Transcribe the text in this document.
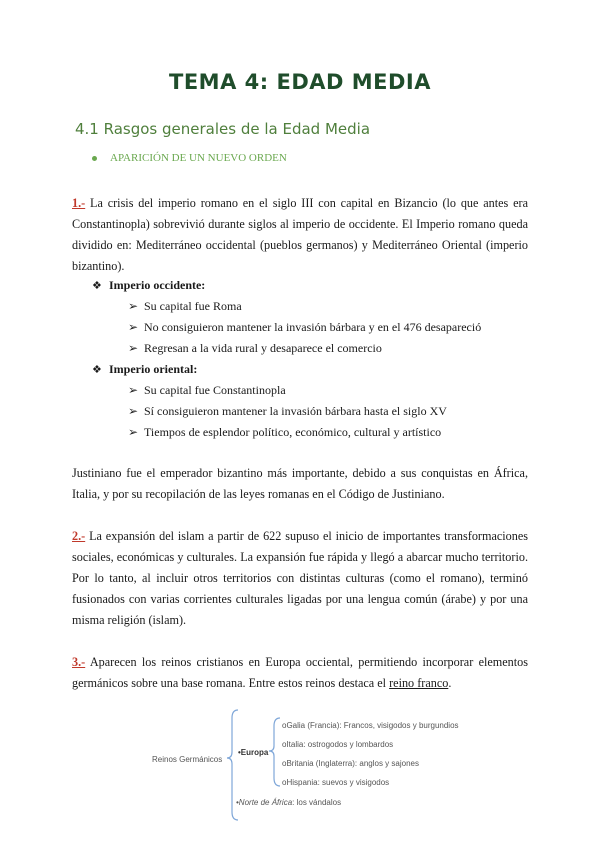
TEMA 4: EDAD MEDIA
4.1 Rasgos generales de la Edad Media
APARICIÓN DE UN NUEVO ORDEN
1.- La crisis del imperio romano en el siglo III con capital en Bizancio (lo que antes era Constantinopla) sobrevivió durante siglos al imperio de occidente. El Imperio romano queda dividido en: Mediterráneo occidental (pueblos germanos) y Mediterráneo Oriental (imperio bizantino).
❖ Imperio occidente:
➢ Su capital fue Roma
➢ No consiguieron mantener la invasión bárbara y en el 476 desapareció
➢ Regresan a la vida rural y desaparece el comercio
❖ Imperio oriental:
➢ Su capital fue Constantinopla
➢ Sí consiguieron mantener la invasión bárbara hasta el siglo XV
➢ Tiempos de esplendor político, económico, cultural y artístico
Justiniano fue el emperador bizantino más importante, debido a sus conquistas en África, Italia, y por su recopilación de las leyes romanas en el Código de Justiniano.
2.- La expansión del islam a partir de 622 supuso el inicio de importantes transformaciones sociales, económicas y culturales. La expansión fue rápida y llegó a abarcar mucho territorio. Por lo tanto, al incluir otros territorios con distintas culturas (como el romano), terminó fusionados con varias corrientes culturales ligadas por una lengua común (árabe) y por una misma religión (islam).
3.- Aparecen los reinos cristianos en Europa occiental, permitiendo incorporar elementos germánicos sobre una base romana. Entre estos reinos destaca el reino franco.
Reinos Germánicos
•Europa
oGalia (Francia): Francos, visigodos y burgundios
oItalia: ostrogodos y lombardos
oBritania (Inglaterra): anglos y sajones
oHispania: suevos y visigodos
•Norte de África: los vándalos
